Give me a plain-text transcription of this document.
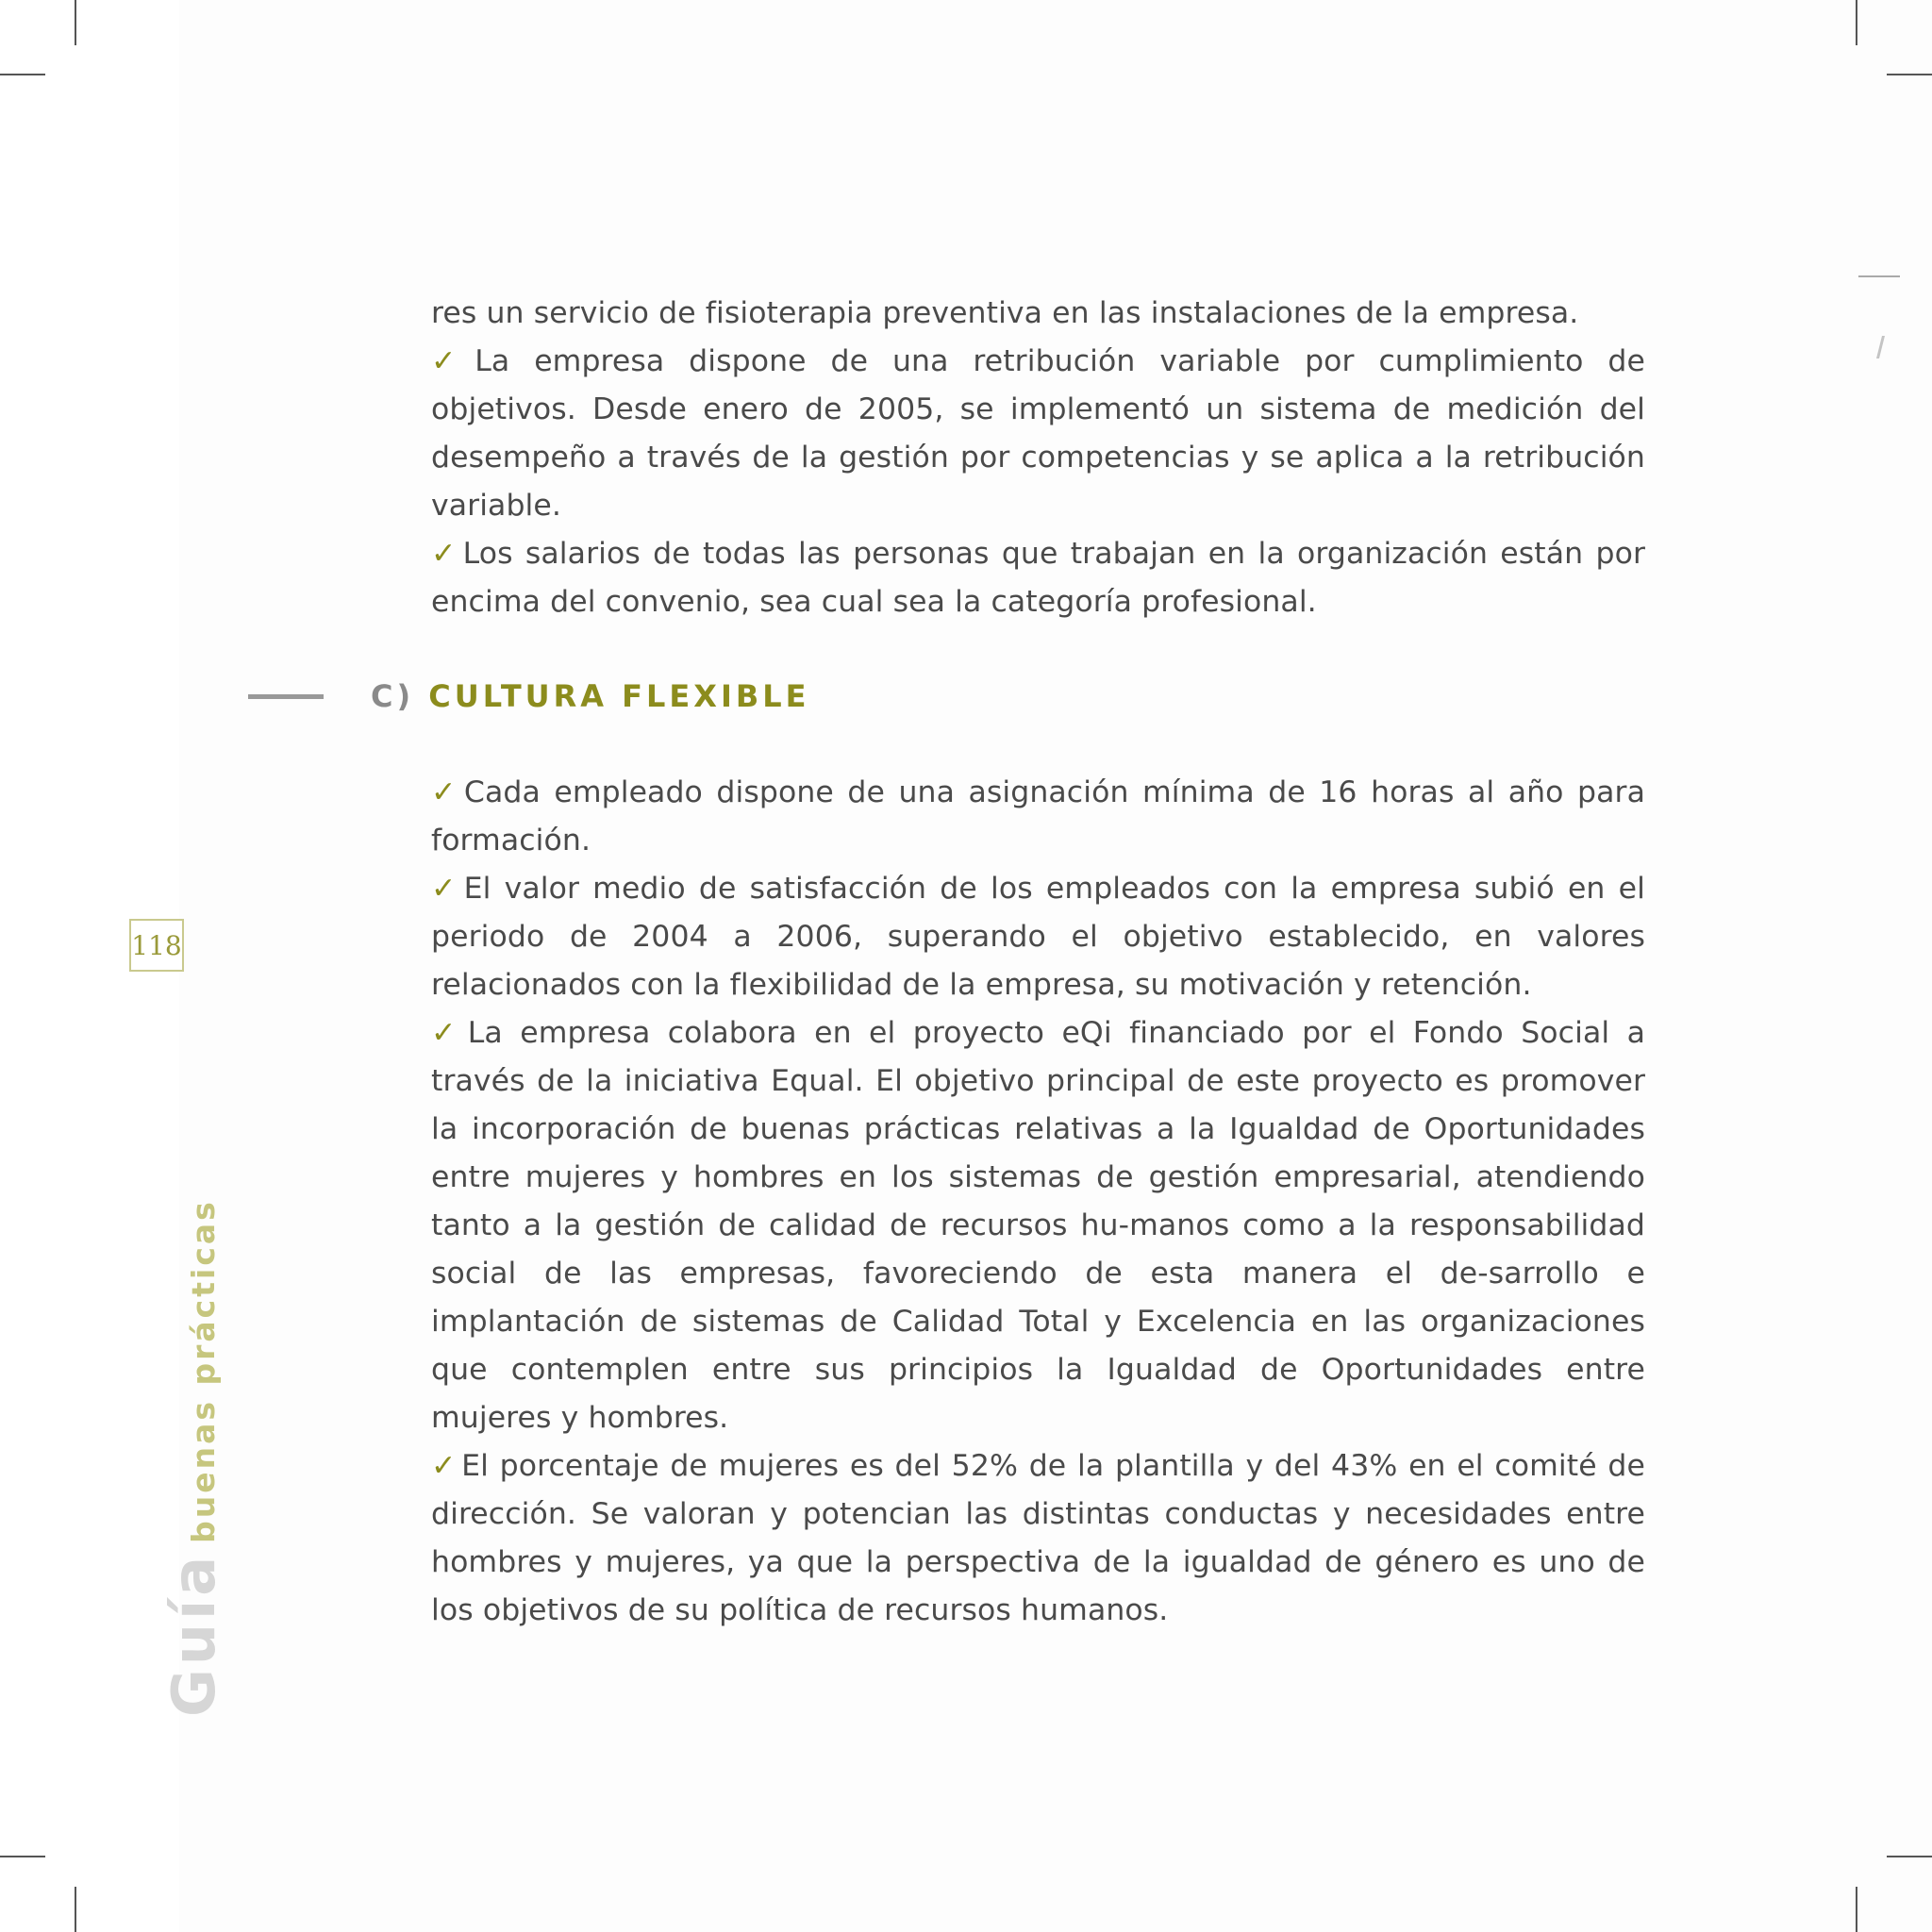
res un servicio de fisioterapia preventiva en las instalaciones de la empresa.

✓ La empresa dispone de una retribución variable por cumplimiento de objetivos. Desde enero de 2005, se implementó un sistema de medición del desempeño a través de la gestión por competencias y se aplica a la retribución variable.

✓ Los salarios de todas las personas que trabajan en la organización están por encima del convenio, sea cual sea la categoría profesional.

C) CULTURA FLEXIBLE

✓ Cada empleado dispone de una asignación mínima de 16 horas al año para formación.

✓ El valor medio de satisfacción de los empleados con la empresa subió en el periodo de 2004 a 2006, superando el objetivo establecido, en valores relacionados con la flexibilidad de la empresa, su motivación y retención.

✓ La empresa colabora en el proyecto eQi financiado por el Fondo Social a través de la iniciativa Equal. El objetivo principal de este proyecto es promover la incorporación de buenas prácticas relativas a la Igualdad de Oportunidades entre mujeres y hombres en los sistemas de gestión empresarial, atendiendo tanto a la gestión de calidad de recursos hu-manos como a la responsabilidad social de las empresas, favoreciendo de esta manera el de-sarrollo e implantación de sistemas de Calidad Total y Excelencia en las organizaciones que contemplen entre sus principios la Igualdad de Oportunidades entre mujeres y hombres.

✓ El porcentaje de mujeres es del 52% de la plantilla y del 43% en el comité de dirección. Se valoran y potencian las distintas conductas y necesidades entre hombres y mujeres, ya que la perspectiva de la igualdad de género es uno de los objetivos de su política de recursos humanos.

118
Guíabuenas prácticas
